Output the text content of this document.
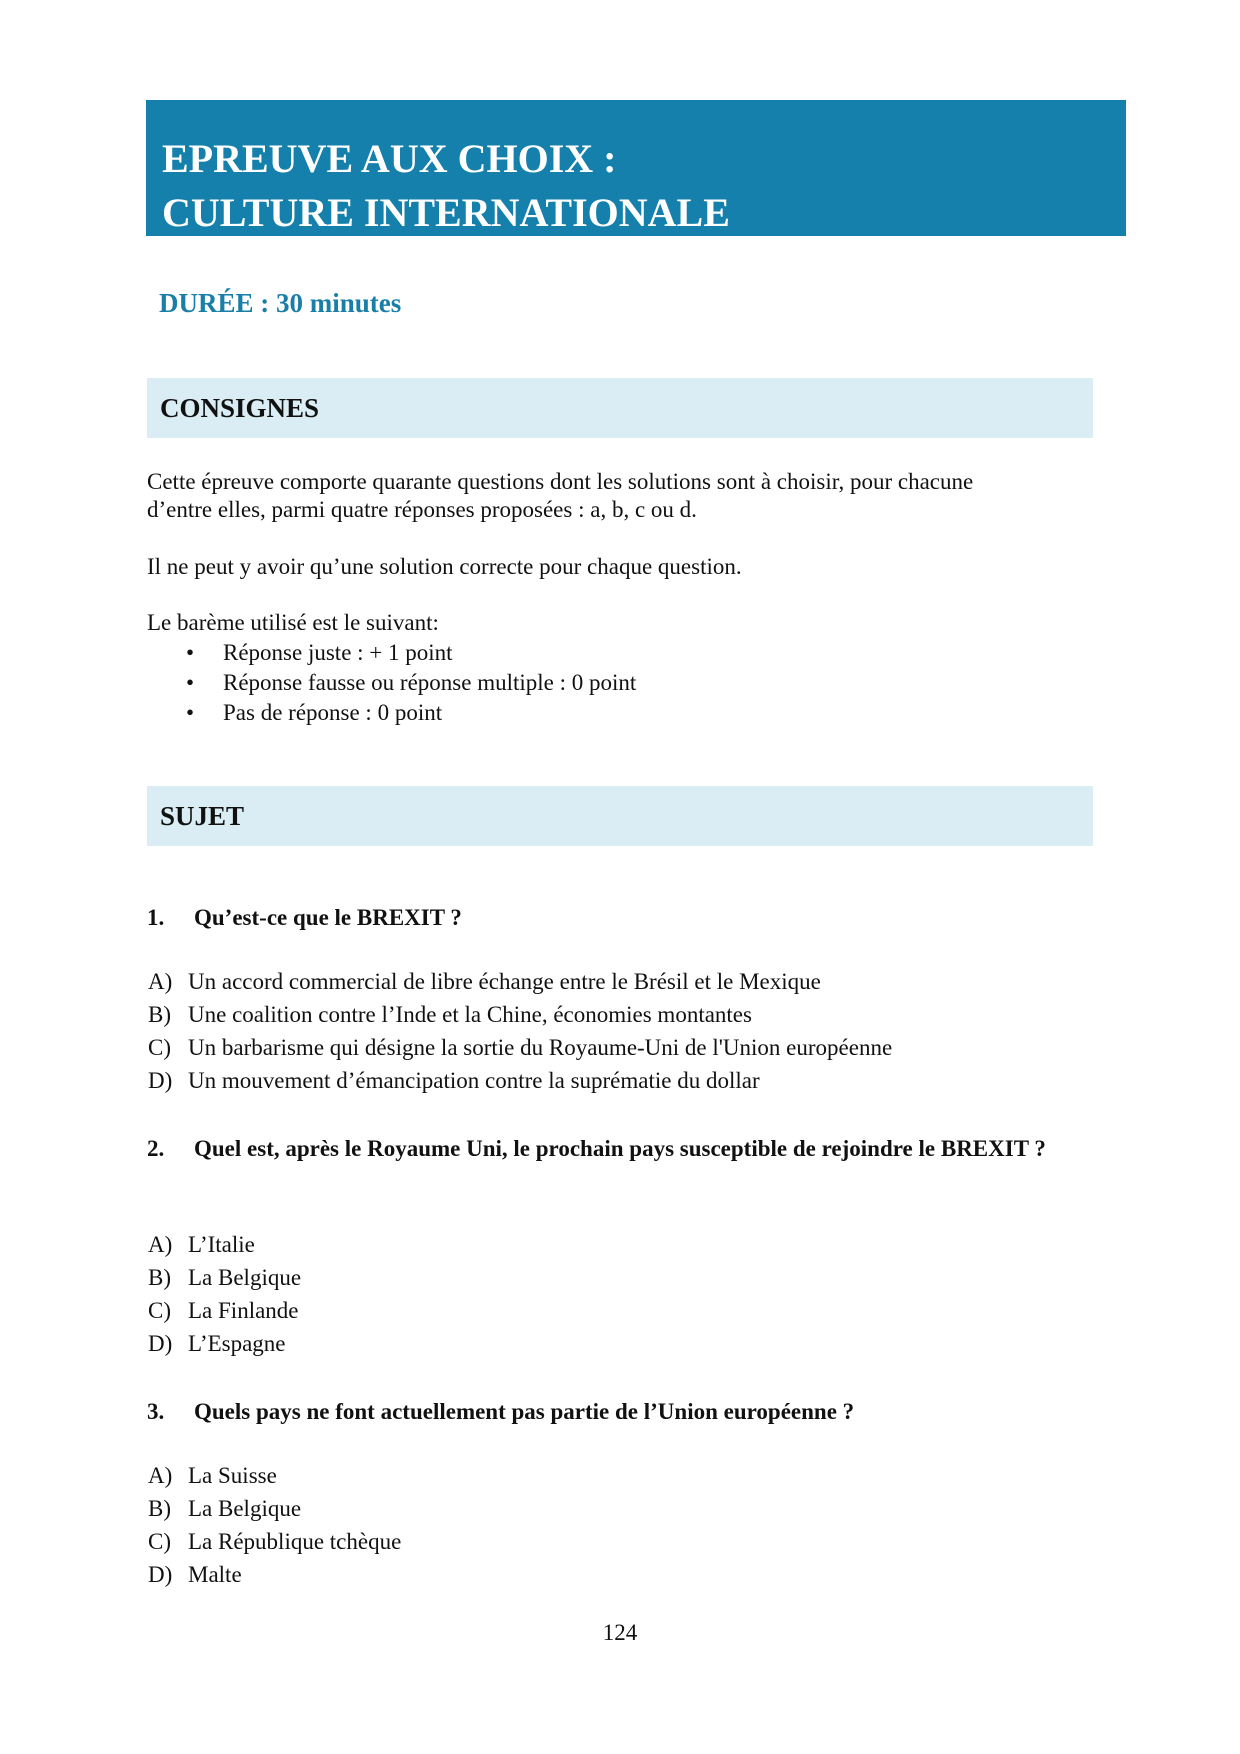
EPREUVE AUX CHOIX :
CULTURE INTERNATIONALE
DURÉE : 30 minutes
CONSIGNES
Cette épreuve comporte quarante questions dont les solutions sont à choisir, pour chacune
d’entre elles, parmi quatre réponses proposées : a, b, c ou d.
Il ne peut y avoir qu’une solution correcte pour chaque question.
Le barème utilisé est le suivant:
• Réponse juste : + 1 point
• Réponse fausse ou réponse multiple : 0 point
• Pas de réponse : 0 point
SUJET
1. Qu’est-ce que le BREXIT ?
A) Un accord commercial de libre échange entre le Brésil et le Mexique
B) Une coalition contre l’Inde et la Chine, économies montantes
C) Un barbarisme qui désigne la sortie du Royaume-Uni de l'Union européenne
D) Un mouvement d’émancipation contre la suprématie du dollar
2. Quel est, après le Royaume Uni, le prochain pays susceptible de rejoindre le BREXIT ?
A) L’Italie
B) La Belgique
C) La Finlande
D) L’Espagne
3. Quels pays ne font actuellement pas partie de l’Union européenne ?
A) La Suisse
B) La Belgique
C) La République tchèque
D) Malte
124
